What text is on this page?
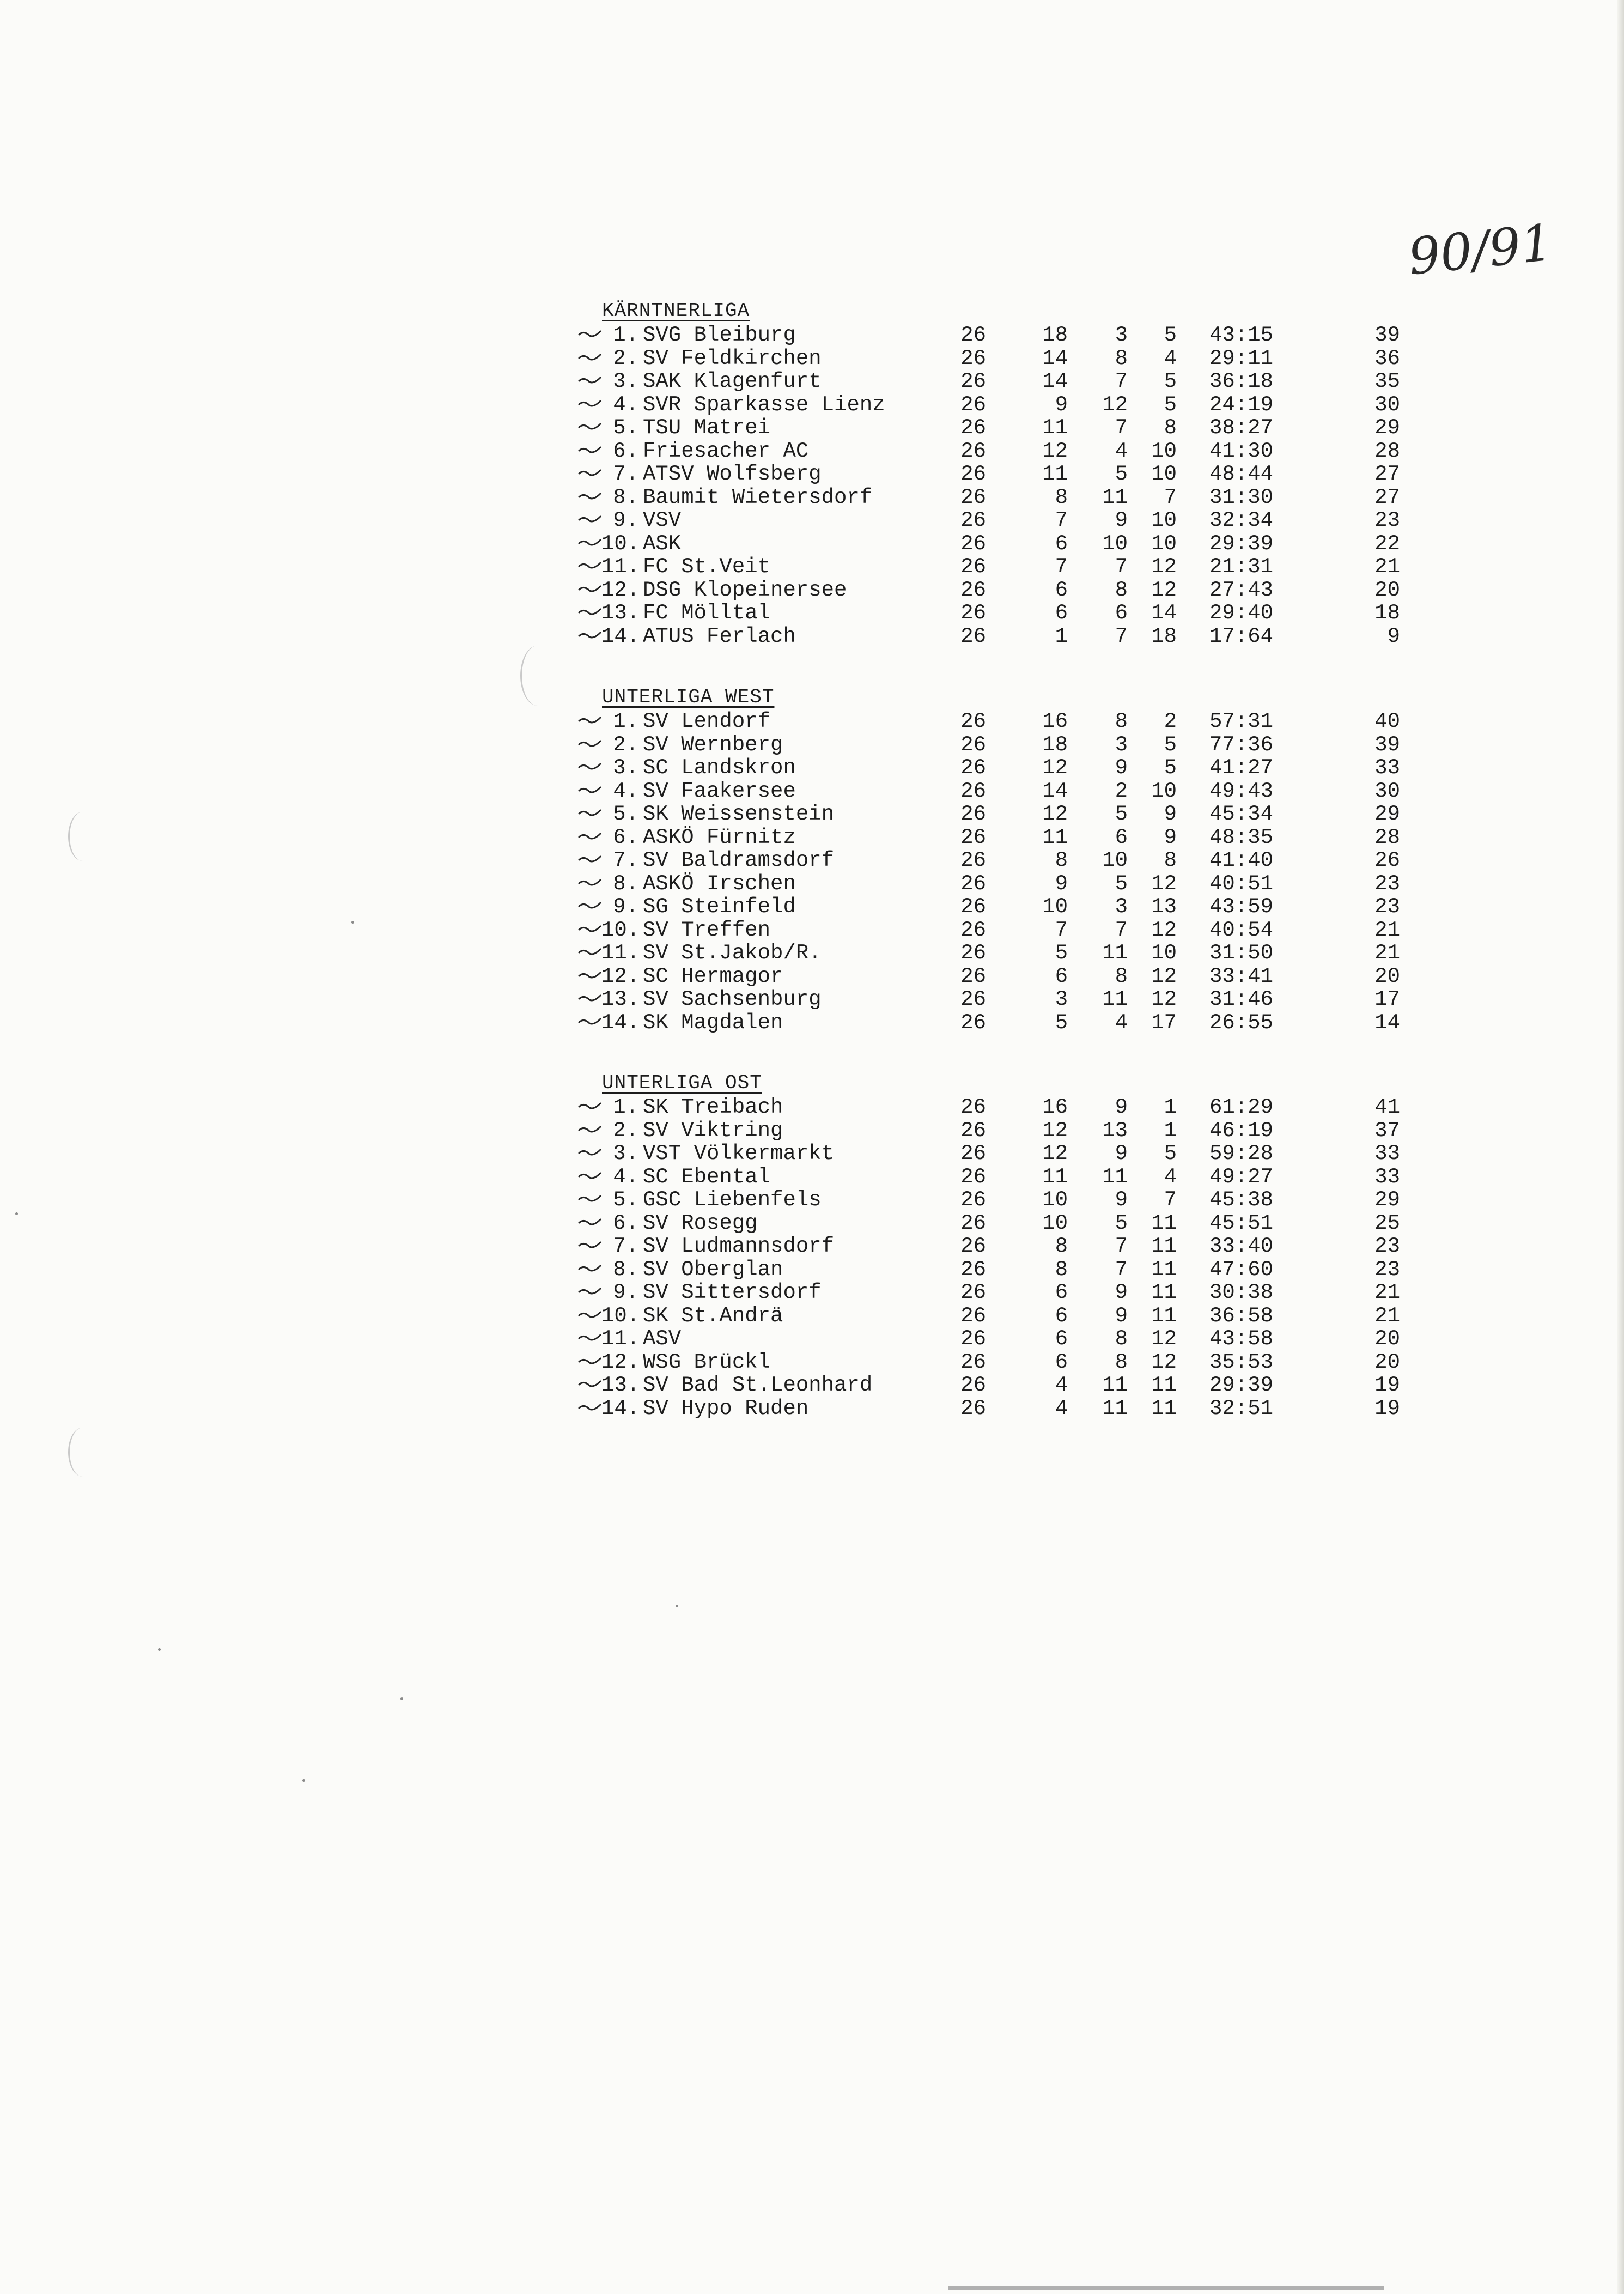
90/91
KÄRNTNERLIGA
1. SVG Bleiburg	26	18	3	5 43:15	39
2. SV Feldkirchen	26	14	8	4 29:11	36
3. SAK Klagenfurt	26	14	7	5 36:18	35
4. SVR Sparkasse Lienz	26	9	12	5 24:19	30
5. TSU Matrei	26	11	7	8 38:27	29
6. Friesacher AC	26	12	4	10 41:30	28
7. ATSV Wolfsberg	26	11	5	10 48:44	27
8. Baumit Wietersdorf	26	8	11	7 31:30	27
9. VSV	26	7	9	10 32:34	23
10. ASK	26	6	10	10 29:39	22
11. FC St.Veit	26	7	7	12 21:31	21
12. DSG Klopeinersee	26	6	8	12 27:43	20
13. FC Mölltal	26	6	6	14 29:40	18
14. ATUS Ferlach	26	1	7	18 17:64	9
UNTERLIGA WEST
1. SV Lendorf	26	16	8	2 57:31	40
2. SV Wernberg	26	18	3	5 77:36	39
3. SC Landskron	26	12	9	5 41:27	33
4. SV Faakersee	26	14	2	10 49:43	30
5. SK Weissenstein	26	12	5	9 45:34	29
6. ASKÖ Fürnitz	26	11	6	9 48:35	28
7. SV Baldramsdorf	26	8	10	8 41:40	26
8. ASKÖ Irschen	26	9	5	12 40:51	23
9. SG Steinfeld	26	10	3	13 43:59	23
10. SV Treffen	26	7	7	12 40:54	21
11. SV St.Jakob/R.	26	5	11	10 31:50	21
12. SC Hermagor	26	6	8	12 33:41	20
13. SV Sachsenburg	26	3	11	12 31:46	17
14. SK Magdalen	26	5	4	17 26:55	14
UNTERLIGA OST
1. SK Treibach	26	16	9	1 61:29	41
2. SV Viktring	26	12	13	1 46:19	37
3. VST Völkermarkt	26	12	9	5 59:28	33
4. SC Ebental	26	11	11	4 49:27	33
5. GSC Liebenfels	26	10	9	7 45:38	29
6. SV Rosegg	26	10	5	11 45:51	25
7. SV Ludmannsdorf	26	8	7	11 33:40	23
8. SV Oberglan	26	8	7	11 47:60	23
9. SV Sittersdorf	26	6	9	11 30:38	21
10. SK St.Andrä	26	6	9	11 36:58	21
11. ASV	26	6	8	12 43:58	20
12. WSG Brückl	26	6	8	12 35:53	20
13. SV Bad St.Leonhard	26	4	11	11 29:39	19
14. SV Hypo Ruden	26	4	11	11 32:51	19
